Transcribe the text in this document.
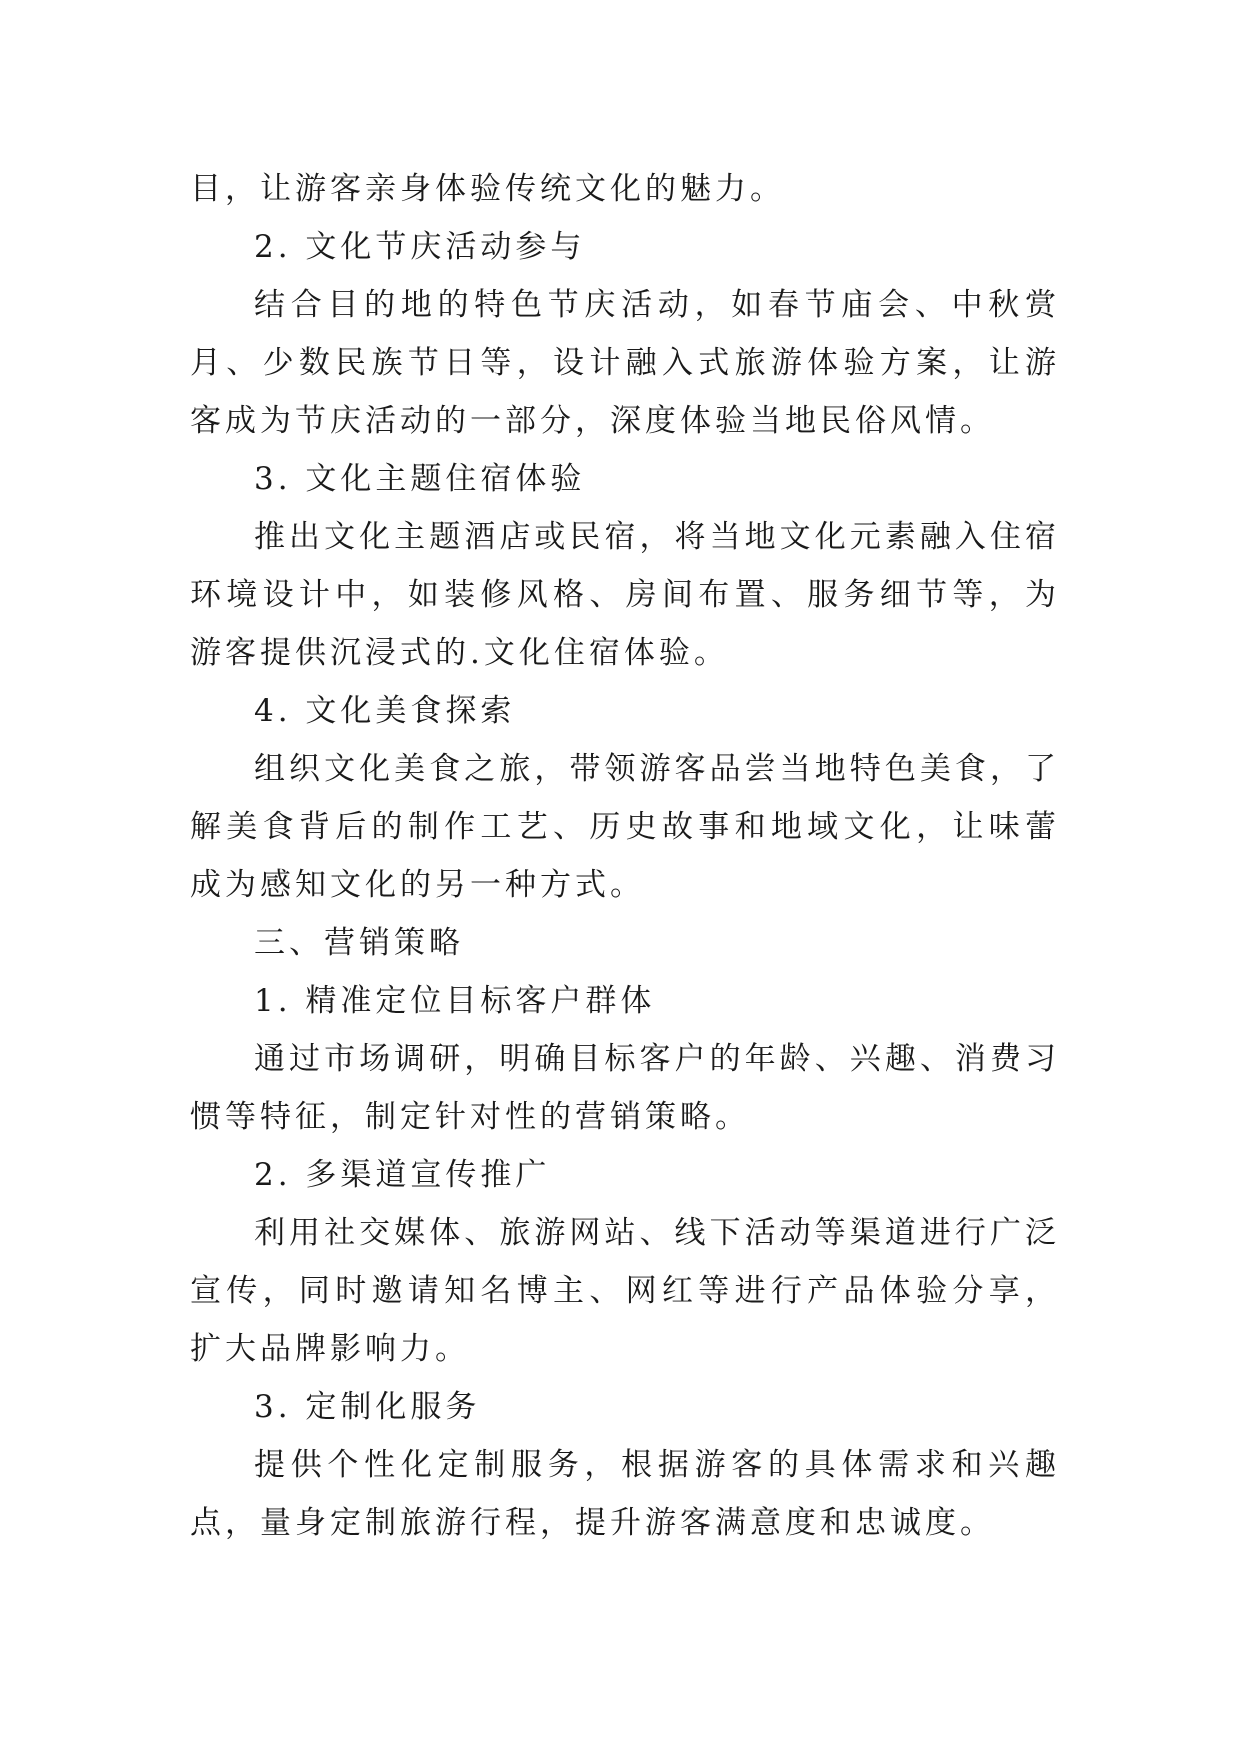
目，让游客亲身体验传统文化的魅力。

2. 文化节庆活动参与

结合目的地的特色节庆活动，如春节庙会、中秋赏月、少数民族节日等，设计融入式旅游体验方案，让游客成为节庆活动的一部分，深度体验当地民俗风情。

3. 文化主题住宿体验

推出文化主题酒店或民宿，将当地文化元素融入住宿环境设计中，如装修风格、房间布置、服务细节等，为游客提供沉浸式的.文化住宿体验。

4. 文化美食探索

组织文化美食之旅，带领游客品尝当地特色美食，了解美食背后的制作工艺、历史故事和地域文化，让味蕾成为感知文化的另一种方式。

三、营销策略

1. 精准定位目标客户群体

通过市场调研，明确目标客户的年龄、兴趣、消费习惯等特征，制定针对性的营销策略。

2. 多渠道宣传推广

利用社交媒体、旅游网站、线下活动等渠道进行广泛宣传，同时邀请知名博主、网红等进行产品体验分享，扩大品牌影响力。

3. 定制化服务

提供个性化定制服务，根据游客的具体需求和兴趣点，量身定制旅游行程，提升游客满意度和忠诚度。
